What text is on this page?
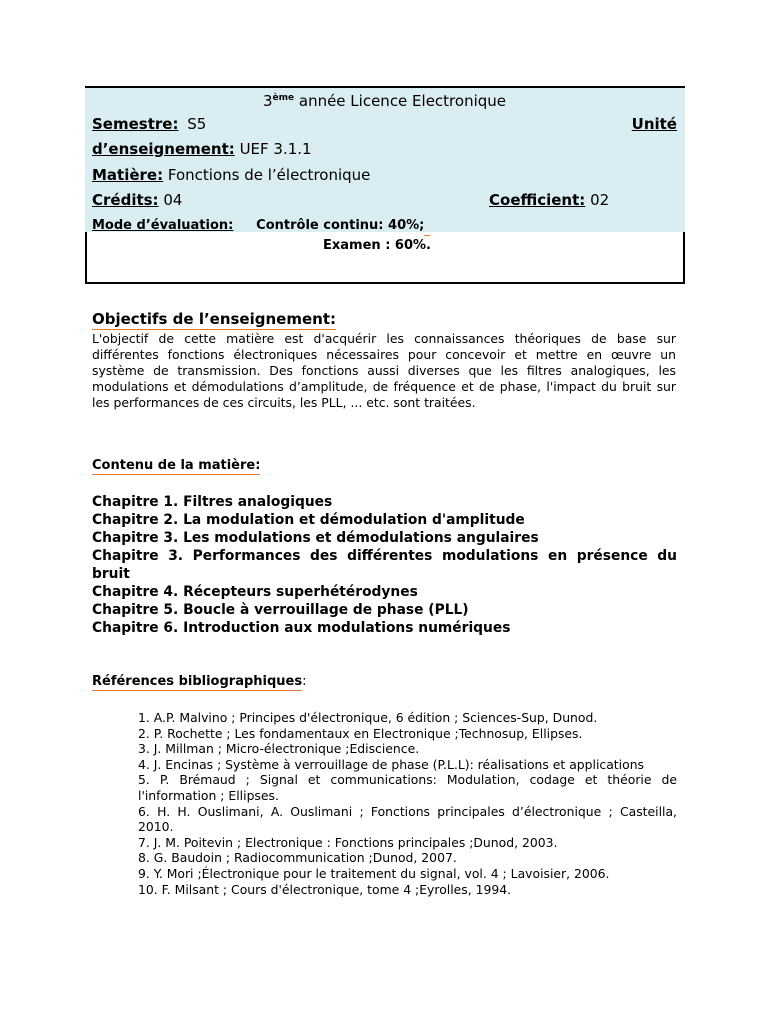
3ème année Licence Electronique
Semestre: S5	Unité
d’enseignement: UEF 3.1.1
Matière: Fonctions de l’électronique
Crédits: 04	Coefficient: 02
Mode d’évaluation: Contrôle continu: 40%;
Examen : 60%.
Objectifs de l’enseignement:

L'objectif de cette matière est d'acquérir les connaissances théoriques de base sur différentes fonctions électroniques nécessaires pour concevoir et mettre en œuvre un système de transmission. Des fonctions aussi diverses que les filtres analogiques, les modulations et démodulations d’amplitude, de fréquence et de phase, l'impact du bruit sur les performances de ces circuits, les PLL, ... etc. sont traitées.

Contenu de la matière:
Chapitre 1. Filtres analogiques
Chapitre 2. La modulation et démodulation d'amplitude
Chapitre 3. Les modulations et démodulations angulaires
Chapitre 3. Performances des différentes modulations en présence du bruit
Chapitre 4. Récepteurs superhétérodynes
Chapitre 5. Boucle à verrouillage de phase (PLL)
Chapitre 6. Introduction aux modulations numériques
Références bibliographiques:
1. A.P. Malvino ; Principes d'électronique, 6 édition ; Sciences-Sup, Dunod.
2. P. Rochette ; Les fondamentaux en Electronique ;Technosup, Ellipses.
3. J. Millman ; Micro-électronique ;Ediscience.
4. J. Encinas ; Système à verrouillage de phase (P.L.L): réalisations et applications
5. P. Brémaud ; Signal et communications: Modulation, codage et théorie de l'information ; Ellipses.
6. H. H. Ouslimani, A. Ouslimani ; Fonctions principales d’électronique ; Casteilla, 2010.
7. J. M. Poitevin ; Electronique : Fonctions principales ;Dunod, 2003.
8. G. Baudoin ; Radiocommunication ;Dunod, 2007.
9. Y. Mori ;Électronique pour le traitement du signal, vol. 4 ; Lavoisier, 2006.
10. F. Milsant ; Cours d'électronique, tome 4 ;Eyrolles, 1994.
